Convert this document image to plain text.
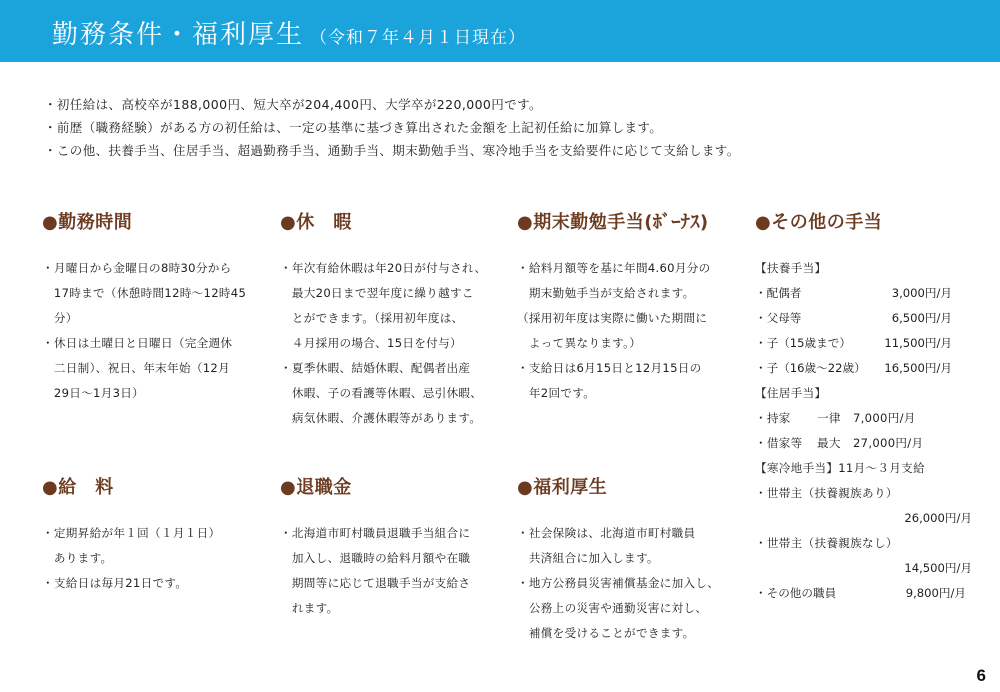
勤務条件・福利厚生 （令和７年４月１日現在）
・初任給は、高校卒が188,000円、短大卒が204,400円、大学卒が220,000円です。
・前歴（職務経験）がある方の初任給は、一定の基準に基づき算出された金額を上記初任給に加算します。
・この他、扶養手当、住居手当、超過勤務手当、通勤手当、期末勤勉手当、寒冷地手当を支給要件に応じて支給します。
●勤務時間
・月曜日から金曜日の8時30分から
　17時まで（休憩時間12時～12時45
　分）
・休日は土曜日と日曜日（完全週休
　二日制）、祝日、年末年始（12月
　29日～1月3日）
●休　暇
・年次有給休暇は年20日が付与され、
　最大20日まで翌年度に繰り越すこ
　とができます。（採用初年度は、
　４月採用の場合、15日を付与）
・夏季休暇、結婚休暇、配偶者出産
　休暇、子の看護等休暇、忌引休暇、
　病気休暇、介護休暇等があります。
●期末勤勉手当(ﾎﾞｰﾅｽ)
・給料月額等を基に年間4.60月分の
　期末勤勉手当が支給されます。
（採用初年度は実際に働いた期間に
　よって異なります。）
・支給日は6月15日と12月15日の
　年2回です。
●給　料
・定期昇給が年１回（１月１日）
　あります。
・支給日は毎月21日です。
●退職金
・北海道市町村職員退職手当組合に
　加入し、退職時の給料月額や在職
　期間等に応じて退職手当が支給さ
　れます。
●福利厚生
・社会保険は、北海道市町村職員
　共済組合に加入します。
・地方公務員災害補償基金に加入し、
　公務上の災害や通勤災害に対し、
　補償を受けることができます。
●その他の手当
【扶養手当】
・配偶者	3,000円/月
・父母等	6,500円/月
・子（15歳まで）	11,500円/月
・子（16歳～22歳） 16,500円/月
【住居手当】
・持家 一律 7,000円/月
・借家等 最大 27,000円/月
【寒冷地手当】11月～３月支給
・世帯主（扶養親族あり）
26,000円/月
・世帯主（扶養親族なし）
14,500円/月
・その他の職員	9,800円/月
6
